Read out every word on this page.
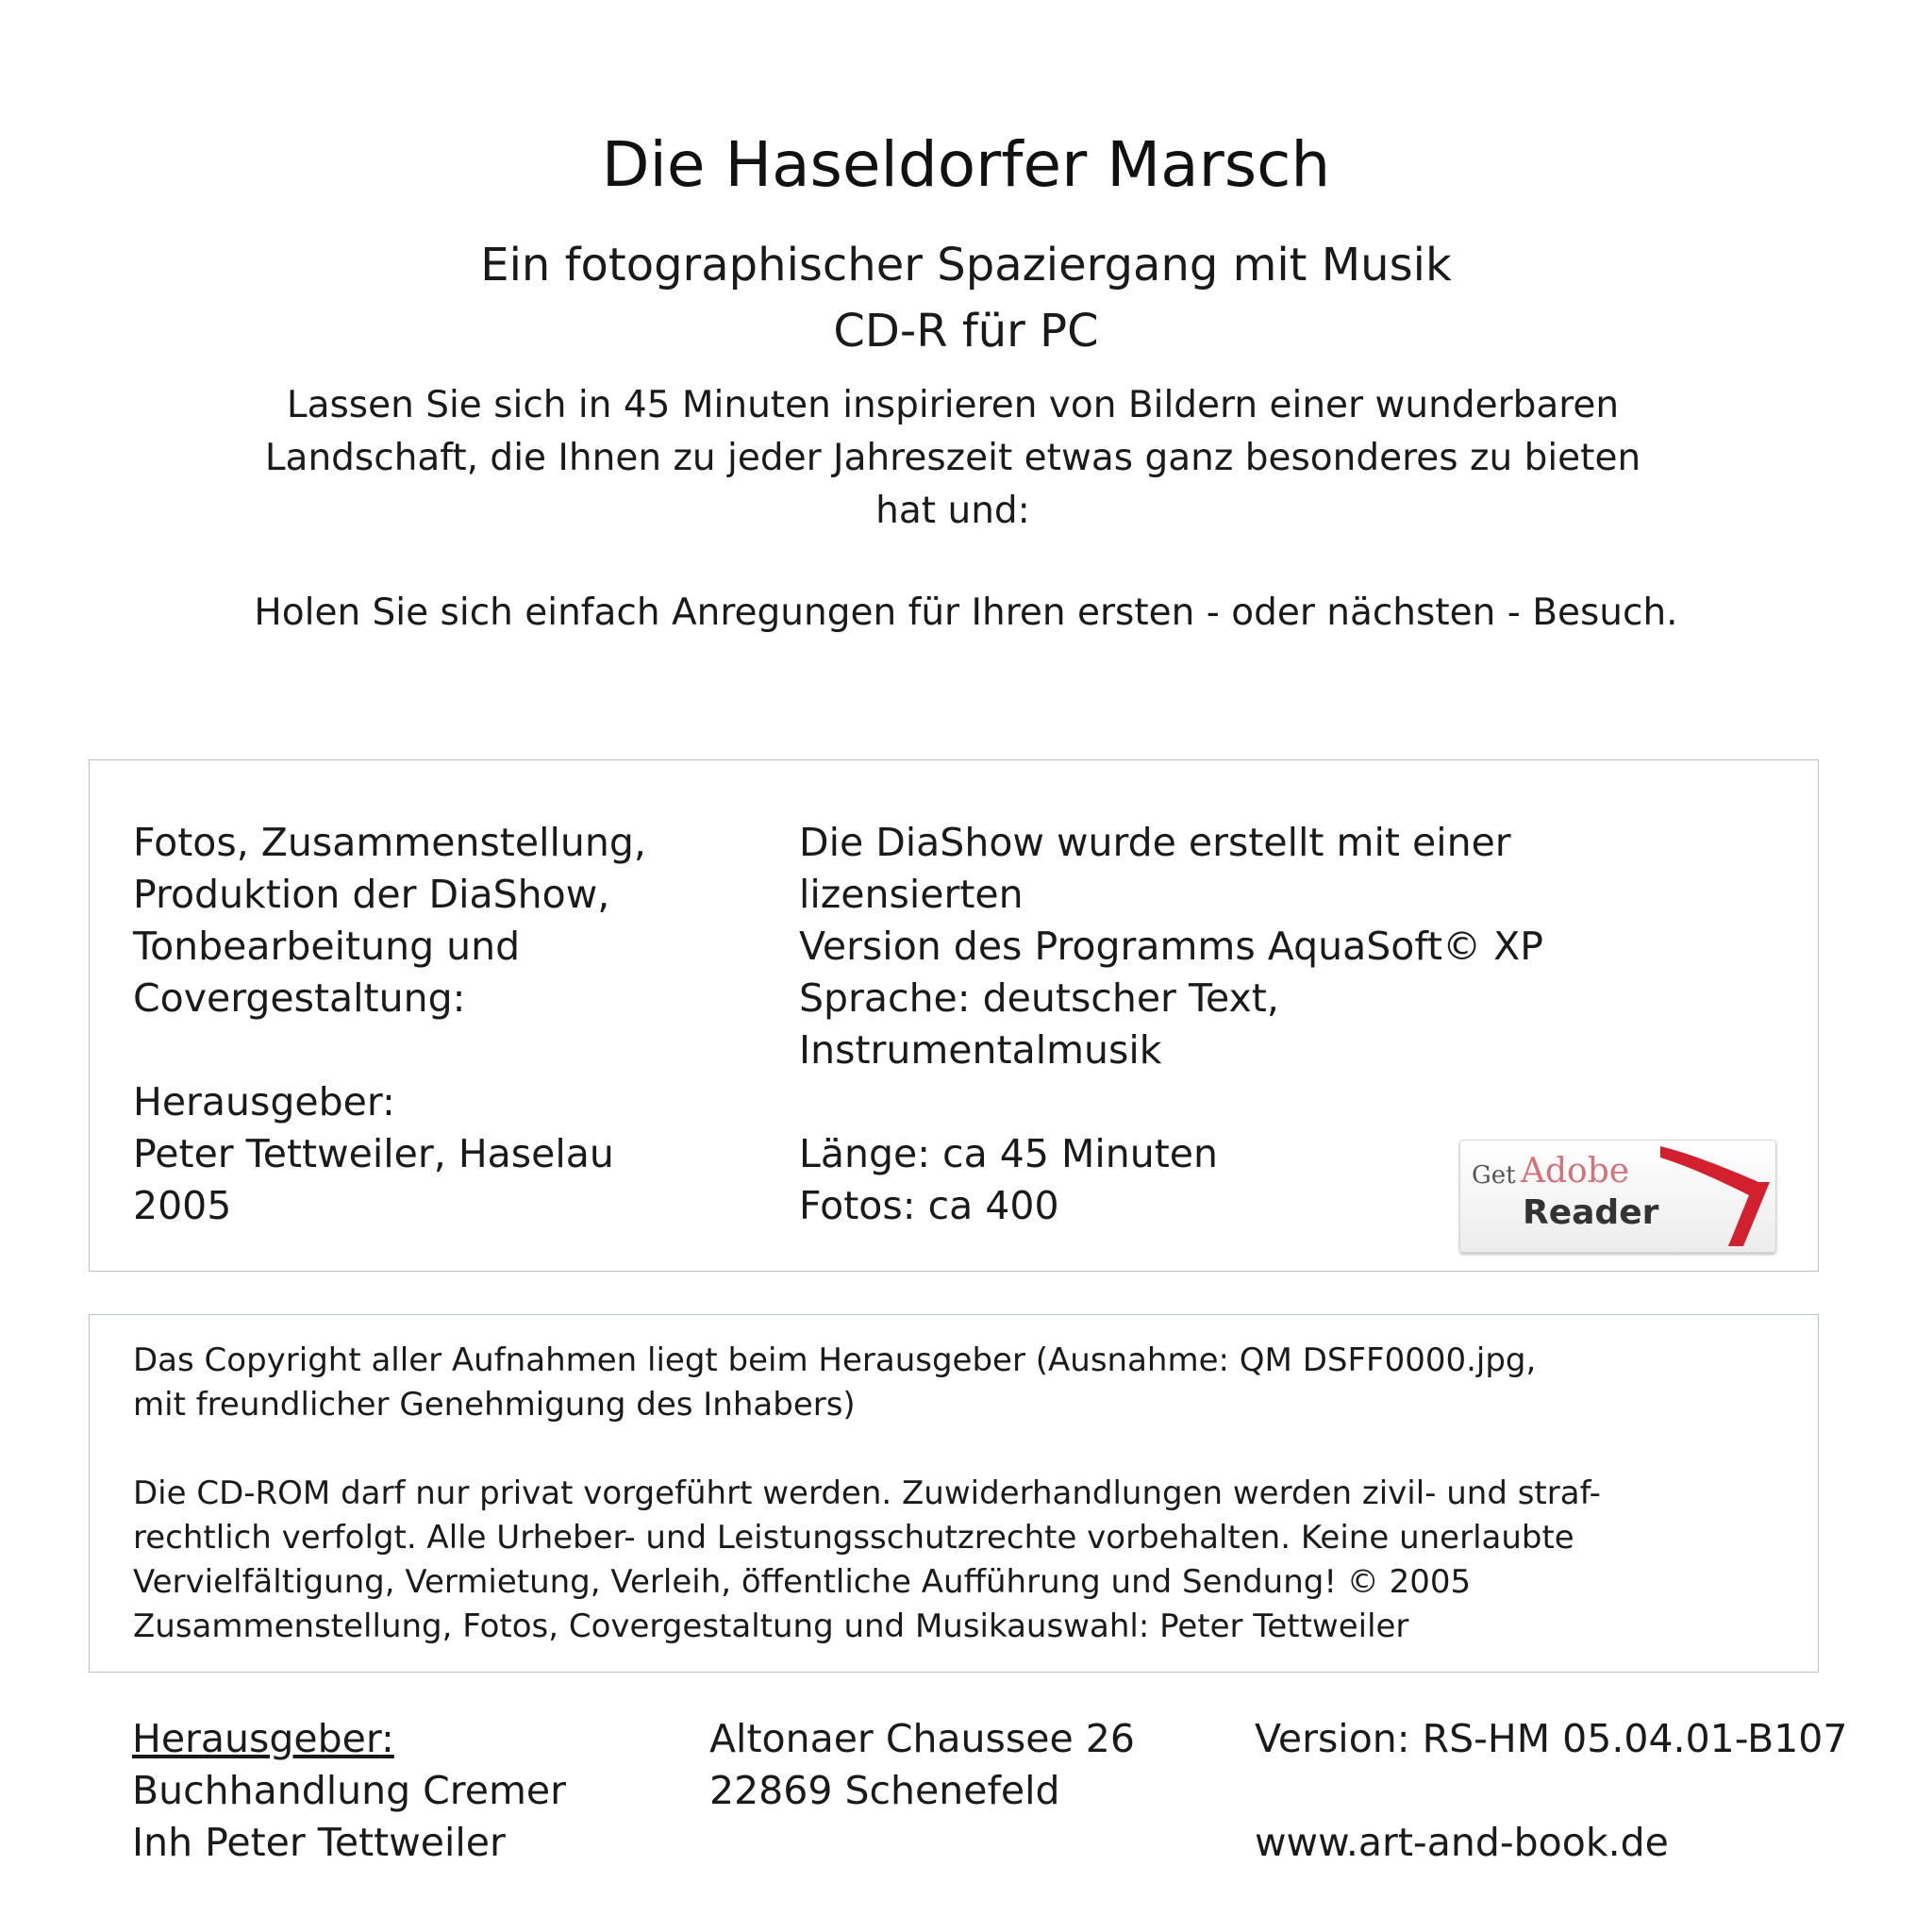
Die Haseldorfer Marsch
Ein fotographischer Spaziergang mit Musik
CD-R für PC
Lassen Sie sich in 45 Minuten inspirieren von Bildern einer wunderbaren Landschaft, die Ihnen zu jeder Jahreszeit etwas ganz besonderes zu bieten hat und:
Holen Sie sich einfach Anregungen für Ihren ersten - oder nächsten - Besuch.
Fotos, Zusammenstellung,
Produktion der DiaShow,
Tonbearbeitung und
Covergestaltung:
Herausgeber:
Peter Tettweiler, Haselau
2005
Die DiaShow wurde erstellt mit einer lizensierten
Version des Programms AquaSoft© XP
Sprache: deutscher Text,
Instrumentalmusik
Länge: ca 45 Minuten
Fotos: ca 400
Get Adobe
Reader
Das Copyright aller Aufnahmen liegt beim Herausgeber (Ausnahme: QM DSFF0000.jpg,
mit freundlicher Genehmigung des Inhabers)
Die CD-ROM darf nur privat vorgeführt werden. Zuwiderhandlungen werden zivil- und straf-
rechtlich verfolgt. Alle Urheber- und Leistungsschutzrechte vorbehalten. Keine unerlaubte
Vervielfältigung, Vermietung, Verleih, öffentliche Aufführung und Sendung! © 2005
Zusammenstellung, Fotos, Covergestaltung und Musikauswahl: Peter Tettweiler
Herausgeber:
Buchhandlung Cremer
Inh Peter Tettweiler
Altonaer Chaussee 26
22869 Schenefeld
Version: RS-HM 05.04.01-B107
www.art-and-book.de
